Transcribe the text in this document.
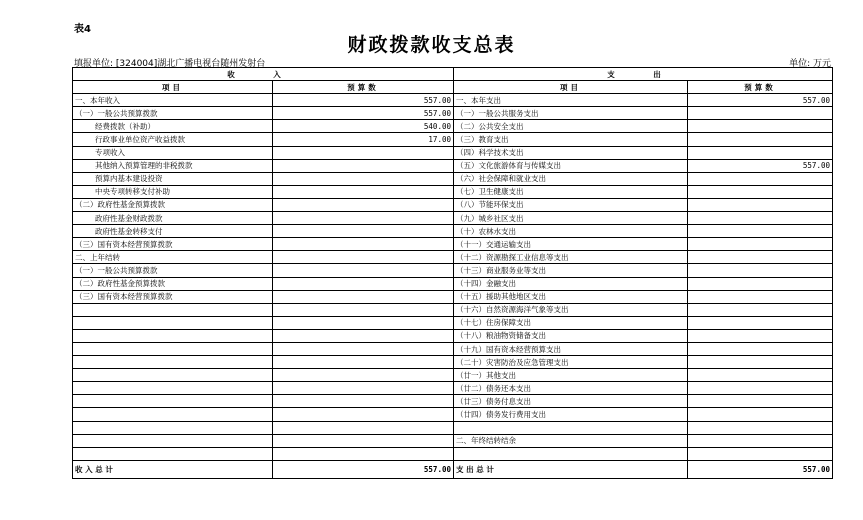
表4
财政拨款收支总表
填报单位: [324004]湖北广播电视台随州发射台	单位: 万元
收 入		支 出	
项目	预算数	项目	预算数
一、本年收入	557.00	一、本年支出	557.00
（一）一般公共预算拨款	557.00	（一）一般公共服务支出	
经费拨款（补助）	540.00	（二）公共安全支出	
行政事业单位资产收益拨款	17.00	（三）教育支出	
专项收入		（四）科学技术支出	
其他纳入预算管理的非税拨款		（五）文化旅游体育与传媒支出	557.00
预算内基本建设投资		（六）社会保障和就业支出	
中央专项转移支付补助		（七）卫生健康支出	
（二）政府性基金预算拨款		（八）节能环保支出	
政府性基金财政拨款		（九）城乡社区支出	
政府性基金转移支付		（十）农林水支出	
（三）国有资本经营预算拨款		（十一）交通运输支出	
二、上年结转		（十二）资源勘探工业信息等支出	
（一）一般公共预算拨款		（十三）商业服务业等支出	
（二）政府性基金预算拨款		（十四）金融支出	
（三）国有资本经营预算拨款		（十五）援助其他地区支出	
		（十六）自然资源海洋气象等支出	
		（十七）住房保障支出	
		（十八）粮油物资储备支出	
		（十九）国有资本经营预算支出	
		（二十）灾害防治及应急管理支出	
		（廿一）其他支出	
		（廿二）债务还本支出	
		（廿三）债务付息支出	
		（廿四）债务发行费用支出	

		二、年终结转结余	

收 入 总 计	557.00	支 出 总 计	557.00
